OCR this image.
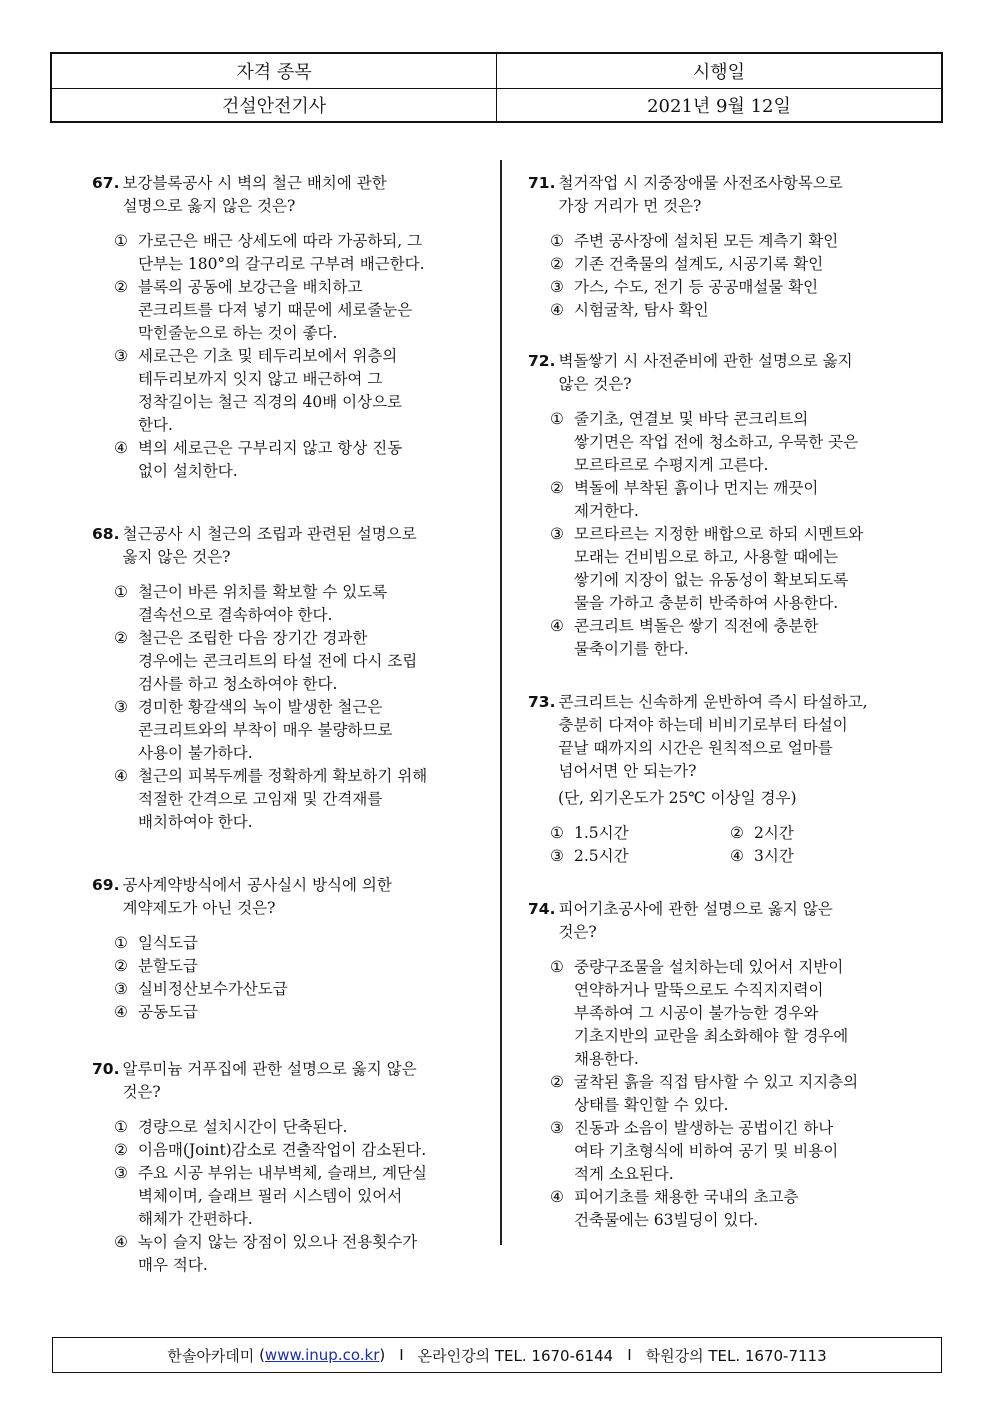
자격 종목	시행일
건설안전기사	2021년 9월 12일
67. 보강블록공사 시 벽의 철근 배치에 관한
설명으로 옳지 않은 것은?
① 가로근은 배근 상세도에 따라 가공하되, 그
단부는 180°의 갈구리로 구부려 배근한다.
② 블록의 공동에 보강근을 배치하고
콘크리트를 다져 넣기 때문에 세로줄눈은
막힌줄눈으로 하는 것이 좋다.
③ 세로근은 기초 및 테두리보에서 위층의
테두리보까지 잇지 않고 배근하여 그
정착길이는 철근 직경의 40배 이상으로
한다.
④ 벽의 세로근은 구부리지 않고 항상 진동
없이 설치한다.
68. 철근공사 시 철근의 조립과 관련된 설명으로
옳지 않은 것은?
① 철근이 바른 위치를 확보할 수 있도록
결속선으로 결속하여야 한다.
② 철근은 조립한 다음 장기간 경과한
경우에는 콘크리트의 타설 전에 다시 조립
검사를 하고 청소하여야 한다.
③ 경미한 황갈색의 녹이 발생한 철근은
콘크리트와의 부착이 매우 불량하므로
사용이 불가하다.
④ 철근의 피복두께를 정확하게 확보하기 위해
적절한 간격으로 고임재 및 간격재를
배치하여야 한다.
69. 공사계약방식에서 공사실시 방식에 의한
계약제도가 아닌 것은?
① 일식도급
② 분할도급
③ 실비정산보수가산도급
④ 공동도급
70. 알루미늄 거푸집에 관한 설명으로 옳지 않은
것은?
① 경량으로 설치시간이 단축된다.
② 이음매(Joint)감소로 견출작업이 감소된다.
③ 주요 시공 부위는 내부벽체, 슬래브, 계단실
벽체이며, 슬래브 필러 시스템이 있어서
해체가 간편하다.
④ 녹이 슬지 않는 장점이 있으나 전용횟수가
매우 적다.
71. 철거작업 시 지중장애물 사전조사항목으로
가장 거리가 먼 것은?
① 주변 공사장에 설치된 모든 계측기 확인
② 기존 건축물의 설계도, 시공기록 확인
③ 가스, 수도, 전기 등 공공매설물 확인
④ 시험굴착, 탐사 확인
72. 벽돌쌓기 시 사전준비에 관한 설명으로 옳지
않은 것은?
① 줄기초, 연결보 및 바닥 콘크리트의
쌓기면은 작업 전에 청소하고, 우묵한 곳은
모르타르로 수평지게 고른다.
② 벽돌에 부착된 흙이나 먼지는 깨끗이
제거한다.
③ 모르타르는 지정한 배합으로 하되 시멘트와
모래는 건비빔으로 하고, 사용할 때에는
쌓기에 지장이 없는 유동성이 확보되도록
물을 가하고 충분히 반죽하여 사용한다.
④ 콘크리트 벽돌은 쌓기 직전에 충분한
물축이기를 한다.
73. 콘크리트는 신속하게 운반하여 즉시 타설하고,
충분히 다져야 하는데 비비기로부터 타설이
끝날 때까지의 시간은 원칙적으로 얼마를
넘어서면 안 되는가?
(단, 외기온도가 25℃ 이상일 경우)
① 1.5시간	② 2시간
③ 2.5시간	④ 3시간
74. 피어기초공사에 관한 설명으로 옳지 않은
것은?
① 중량구조물을 설치하는데 있어서 지반이
연약하거나 말뚝으로도 수직지지력이
부족하여 그 시공이 불가능한 경우와
기초지반의 교란을 최소화해야 할 경우에
채용한다.
② 굴착된 흙을 직접 탐사할 수 있고 지지층의
상태를 확인할 수 있다.
③ 진동과 소음이 발생하는 공법이긴 하나
여타 기초형식에 비하여 공기 및 비용이
적게 소요된다.
④ 피어기초를 채용한 국내의 초고층
건축물에는 63빌딩이 있다.
한솔아카데미 (www.inup.co.kr) I 온라인강의 TEL. 1670-6144 I 학원강의 TEL. 1670-7113
